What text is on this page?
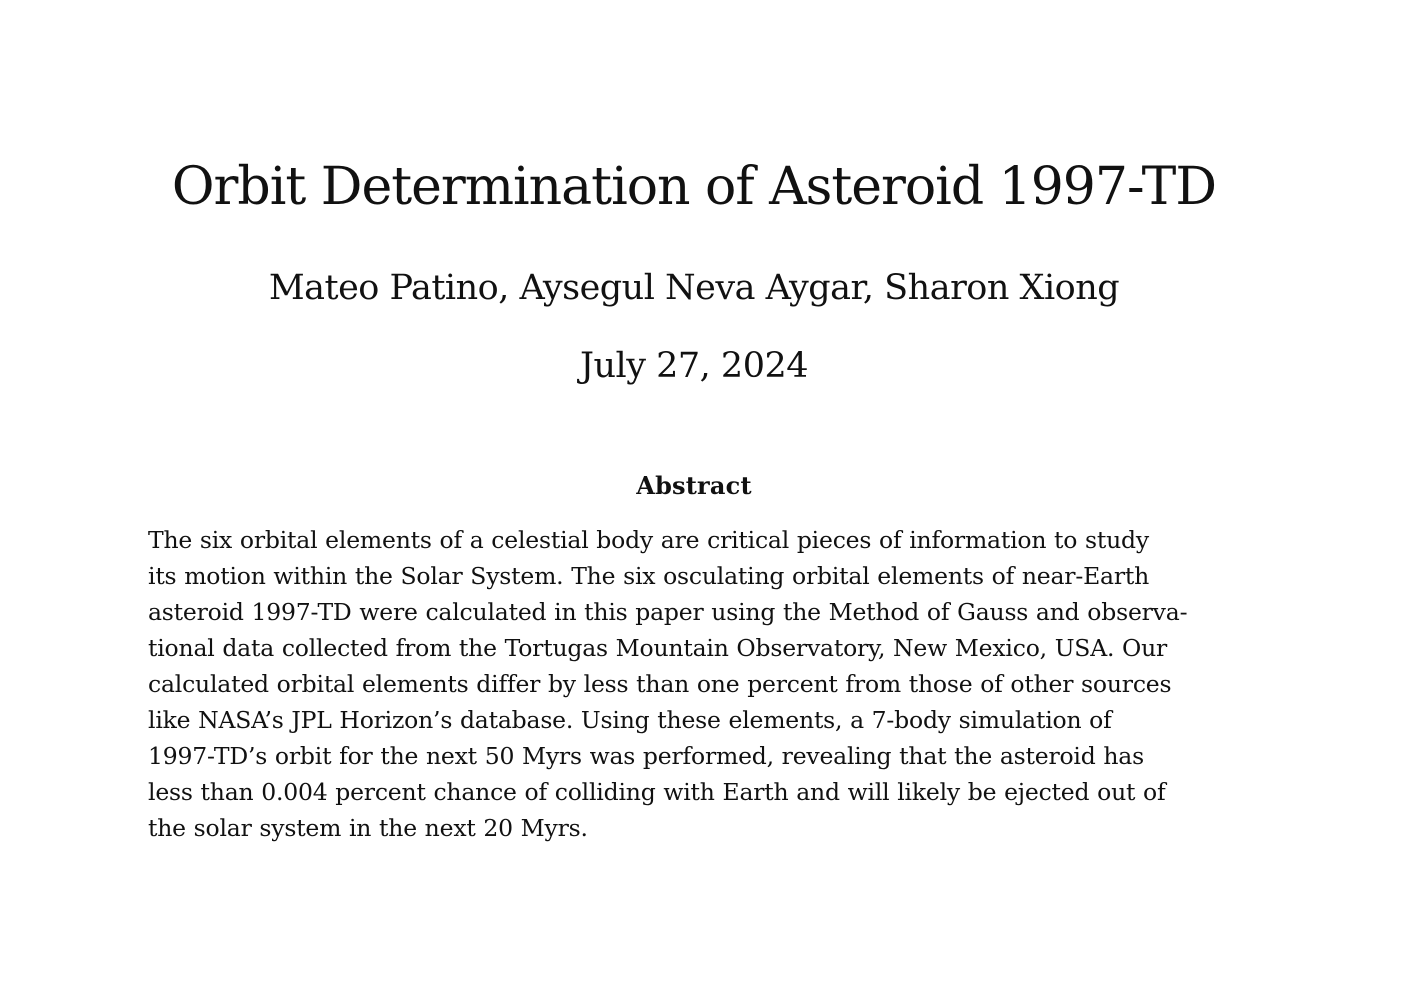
Orbit Determination of Asteroid 1997-TD
Mateo Patino, Aysegul Neva Aygar, Sharon Xiong
July 27, 2024
Abstract
The six orbital elements of a celestial body are critical pieces of information to study
its motion within the Solar System. The six osculating orbital elements of near-Earth
asteroid 1997-TD were calculated in this paper using the Method of Gauss and observa-
tional data collected from the Tortugas Mountain Observatory, New Mexico, USA. Our
calculated orbital elements differ by less than one percent from those of other sources
like NASA’s JPL Horizon’s database. Using these elements, a 7-body simulation of
1997-TD’s orbit for the next 50 Myrs was performed, revealing that the asteroid has
less than 0.004 percent chance of colliding with Earth and will likely be ejected out of
the solar system in the next 20 Myrs.
